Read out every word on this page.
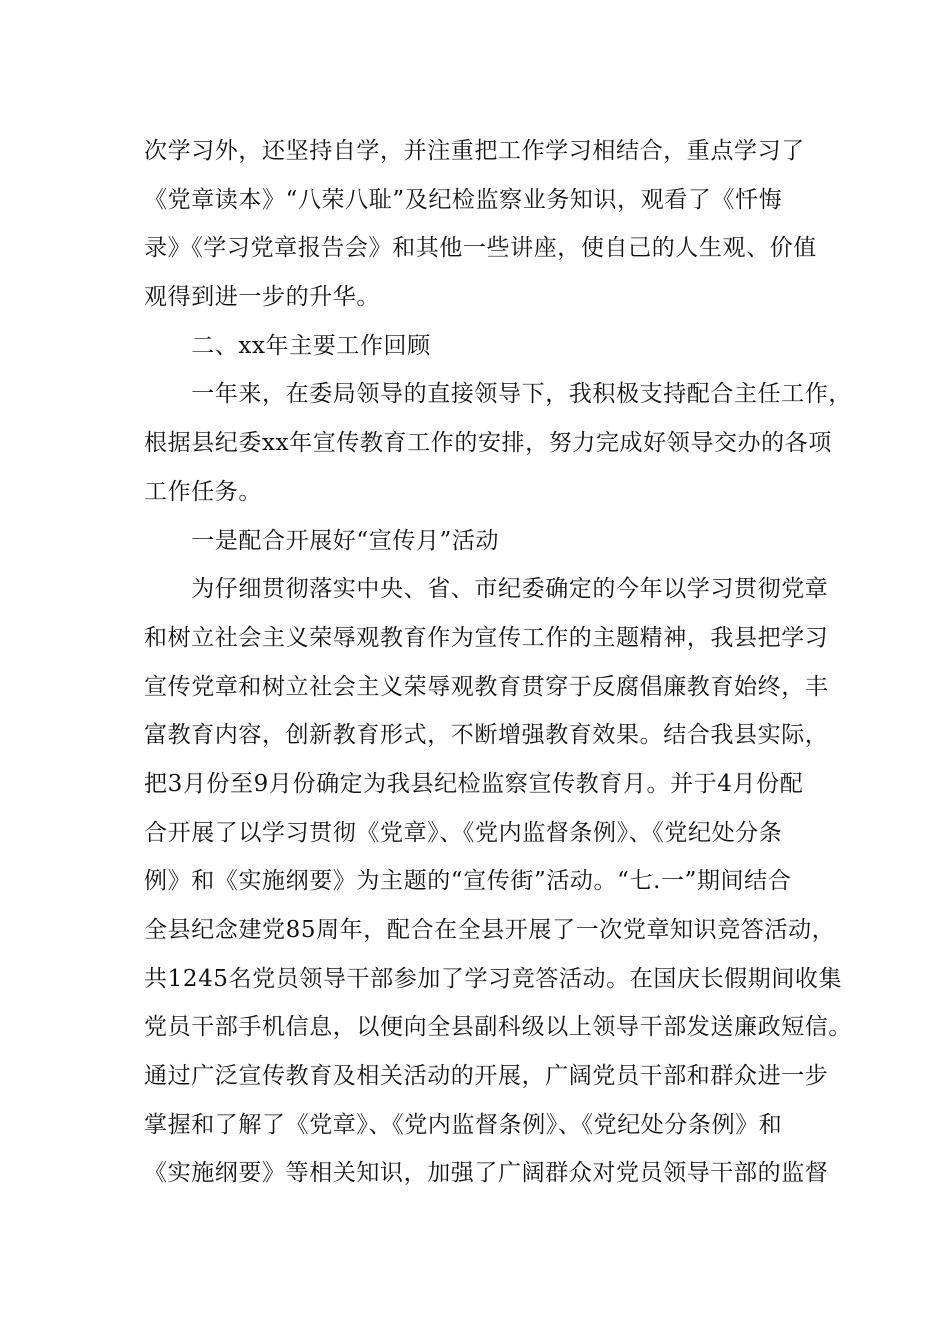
次学习外，还坚持自学，并注重把工作学习相结合，重点学习了
《党章读本》“八荣八耻”及纪检监察业务知识，观看了《忏悔
录》《学习党章报告会》和其他一些讲座，使自己的人生观、价值
观得到进一步的升华。
　　二、xx年主要工作回顾
　　一年来，在委局领导的直接领导下，我积极支持配合主任工作，
根据县纪委xx年宣传教育工作的安排，努力完成好领导交办的各项
工作任务。
　　一是配合开展好“宣传月”活动
　　为仔细贯彻落实中央、省、市纪委确定的今年以学习贯彻党章
和树立社会主义荣辱观教育作为宣传工作的主题精神，我县把学习
宣传党章和树立社会主义荣辱观教育贯穿于反腐倡廉教育始终，丰
富教育内容，创新教育形式，不断增强教育效果。结合我县实际，
把3月份至9月份确定为我县纪检监察宣传教育月。并于4月份配
合开展了以学习贯彻《党章》、《党内监督条例》、《党纪处分条
例》和《实施纲要》为主题的“宣传街”活动。“七.一”期间结合
全县纪念建党85周年，配合在全县开展了一次党章知识竞答活动，
共1245名党员领导干部参加了学习竞答活动。在国庆长假期间收集
党员干部手机信息，以便向全县副科级以上领导干部发送廉政短信。
通过广泛宣传教育及相关活动的开展，广阔党员干部和群众进一步
掌握和了解了《党章》、《党内监督条例》、《党纪处分条例》和
《实施纲要》等相关知识，加强了广阔群众对党员领导干部的监督
